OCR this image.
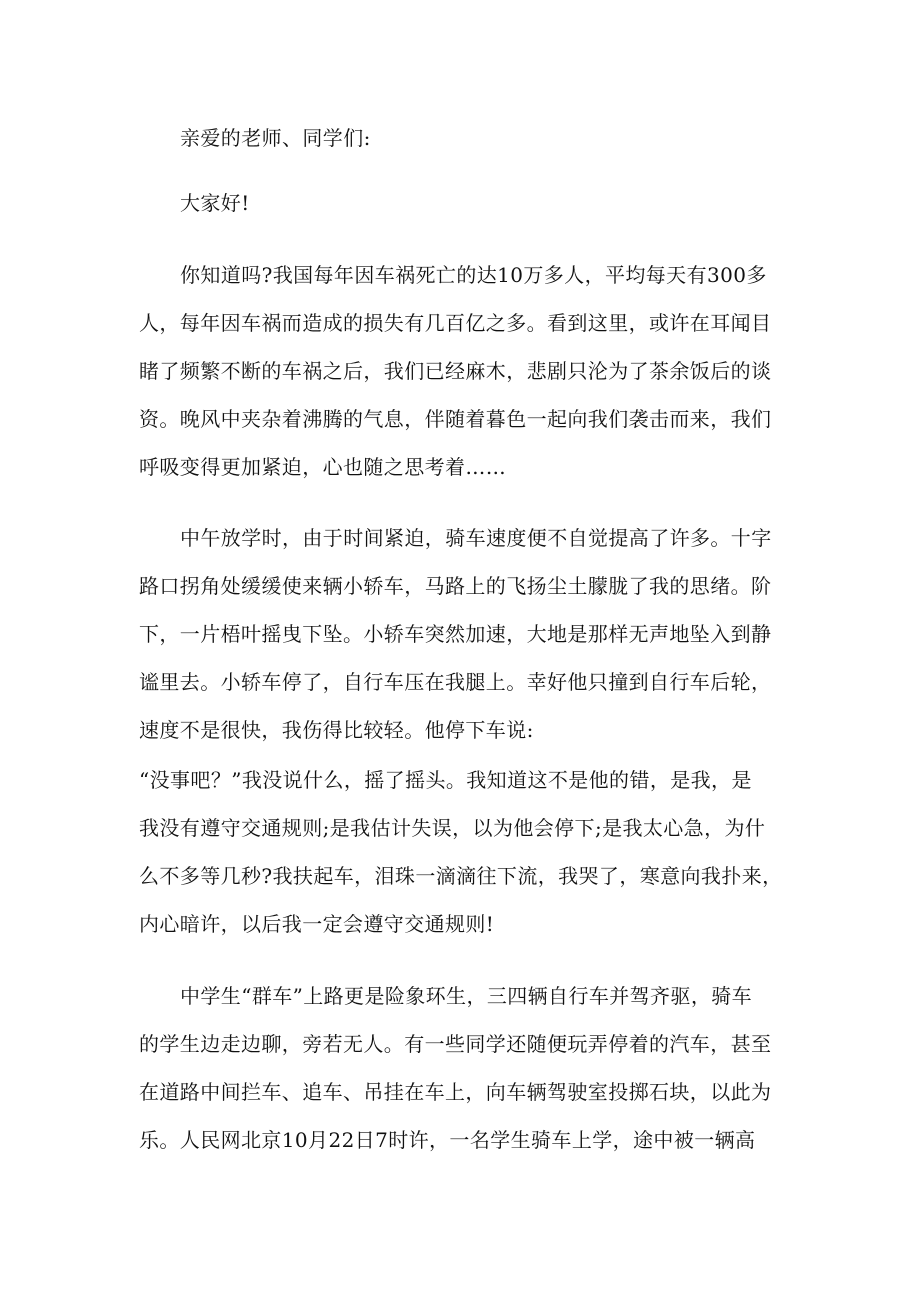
亲爱的老师、同学们:
大家好!
你知道吗?我国每年因车祸死亡的达10万多人，平均每天有300多
人，每年因车祸而造成的损失有几百亿之多。看到这里，或许在耳闻目
睹了频繁不断的车祸之后，我们已经麻木，悲剧只沦为了茶余饭后的谈
资。晚风中夹杂着沸腾的气息，伴随着暮色一起向我们袭击而来，我们
呼吸变得更加紧迫，心也随之思考着……
中午放学时，由于时间紧迫，骑车速度便不自觉提高了许多。十字
路口拐角处缓缓使来辆小轿车，马路上的飞扬尘土朦胧了我的思绪。阶
下，一片梧叶摇曳下坠。小轿车突然加速，大地是那样无声地坠入到静
谧里去。小轿车停了，自行车压在我腿上。幸好他只撞到自行车后轮，
速度不是很快，我伤得比较轻。他停下车说:
“没事吧？”我没说什么，摇了摇头。我知道这不是他的错，是我，是
我没有遵守交通规则;是我估计失误，以为他会停下;是我太心急，为什
么不多等几秒?我扶起车，泪珠一滴滴往下流，我哭了，寒意向我扑来，
内心暗许，以后我一定会遵守交通规则!
中学生“群车”上路更是险象环生，三四辆自行车并驾齐驱，骑车
的学生边走边聊，旁若无人。有一些同学还随便玩弄停着的汽车，甚至
在道路中间拦车、追车、吊挂在车上，向车辆驾驶室投掷石块，以此为
乐。人民网北京10月22日7时许，一名学生骑车上学，途中被一辆高
